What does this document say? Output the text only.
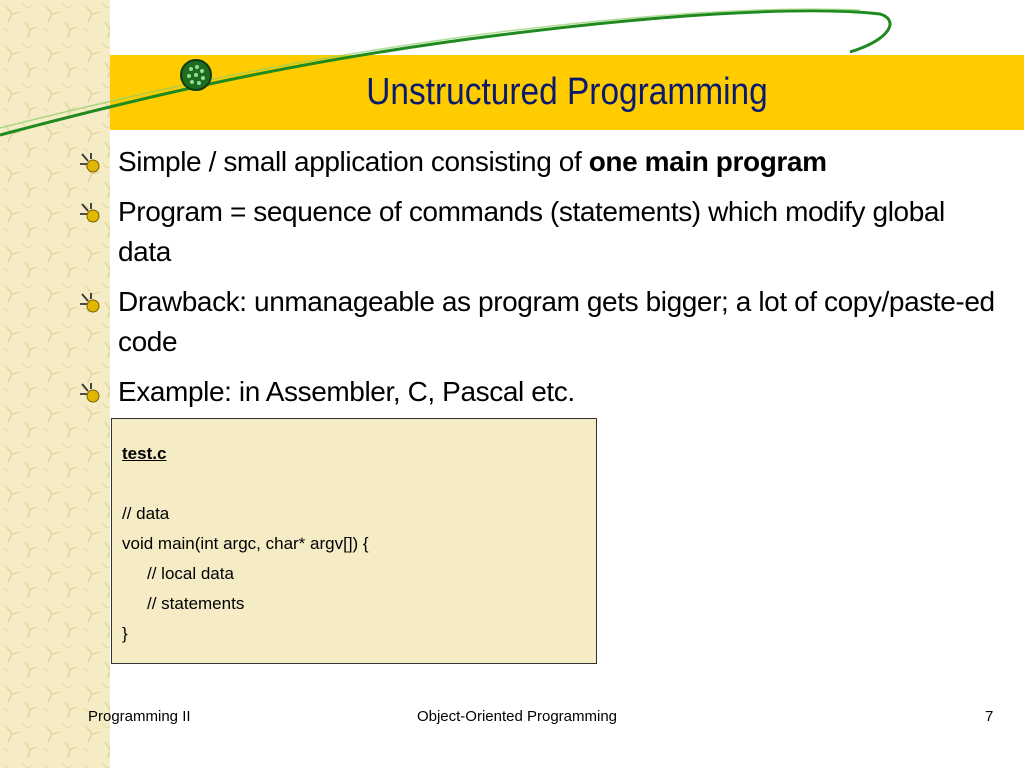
Unstructured Programming
Simple / small application consisting of one main program
Program = sequence of commands (statements) which modify global data
Drawback: unmanageable as program gets bigger; a lot of copy/paste-ed code
Example: in Assembler, C, Pascal etc.
test.c
// data
void main(int argc, char* argv[]) {
// local data
// statements
}
Programming II	Object-Oriented Programming	7
